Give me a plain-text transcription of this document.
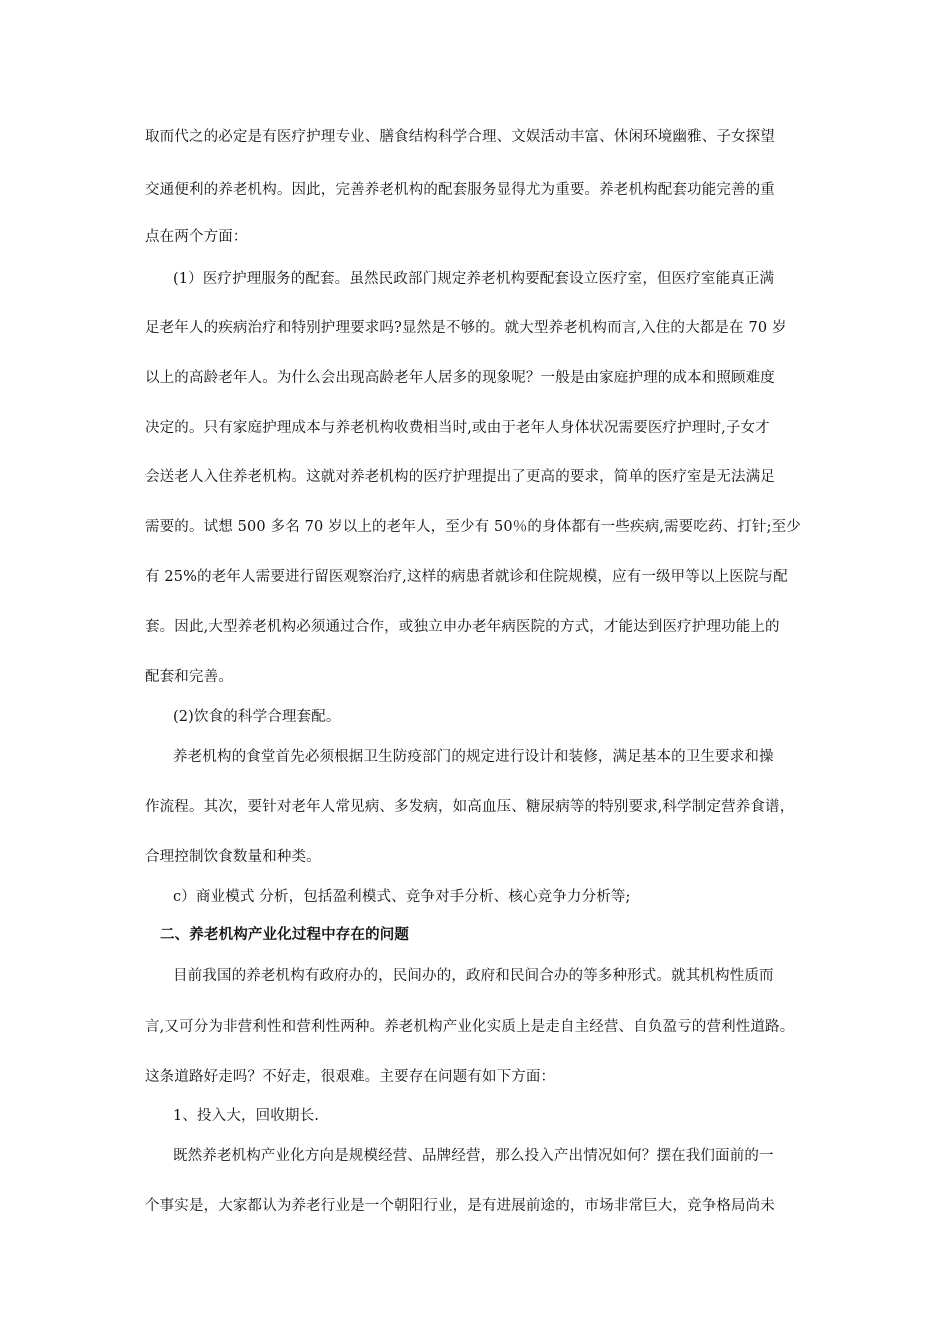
取而代之的必定是有医疗护理专业、膳食结构科学合理、文娱活动丰富、休闲环境幽雅、子女探望
交通便利的养老机构。因此，完善养老机构的配套服务显得尤为重要。养老机构配套功能完善的重
点在两个方面：
(1）医疗护理服务的配套。虽然民政部门规定养老机构要配套设立医疗室，但医疗室能真正满
足老年人的疾病治疗和特别护理要求吗?显然是不够的。就大型养老机构而言,入住的大都是在 70 岁
以上的高龄老年人。为什么会出现高龄老年人居多的现象呢？一般是由家庭护理的成本和照顾难度
决定的。只有家庭护理成本与养老机构收费相当时,或由于老年人身体状况需要医疗护理时,子女才
会送老人入住养老机构。这就对养老机构的医疗护理提出了更高的要求，简单的医疗室是无法满足
需要的。试想 500 多名 70 岁以上的老年人，至少有 50％的身体都有一些疾病,需要吃药、打针;至少
有 25%的老年人需要进行留医观察治疗,这样的病患者就诊和住院规模，应有一级甲等以上医院与配
套。因此,大型养老机构必须通过合作，或独立申办老年病医院的方式，才能达到医疗护理功能上的
配套和完善。
(2)饮食的科学合理套配。
养老机构的食堂首先必须根据卫生防疫部门的规定进行设计和装修，满足基本的卫生要求和操
作流程。其次，要针对老年人常见病、多发病，如高血压、糖尿病等的特别要求,科学制定营养食谱，
合理控制饮食数量和种类。
c）商业模式 分析，包括盈利模式、竞争对手分析、核心竞争力分析等;
二、养老机构产业化过程中存在的问题
目前我国的养老机构有政府办的，民间办的，政府和民间合办的等多种形式。就其机构性质而
言,又可分为非营利性和营利性两种。养老机构产业化实质上是走自主经营、自负盈亏的营利性道路。
这条道路好走吗？不好走，很艰难。主要存在问题有如下方面：
1、投入大，回收期长.
既然养老机构产业化方向是规模经营、品牌经营，那么投入产出情况如何？摆在我们面前的一
个事实是，大家都认为养老行业是一个朝阳行业，是有进展前途的，市场非常巨大，竞争格局尚未
